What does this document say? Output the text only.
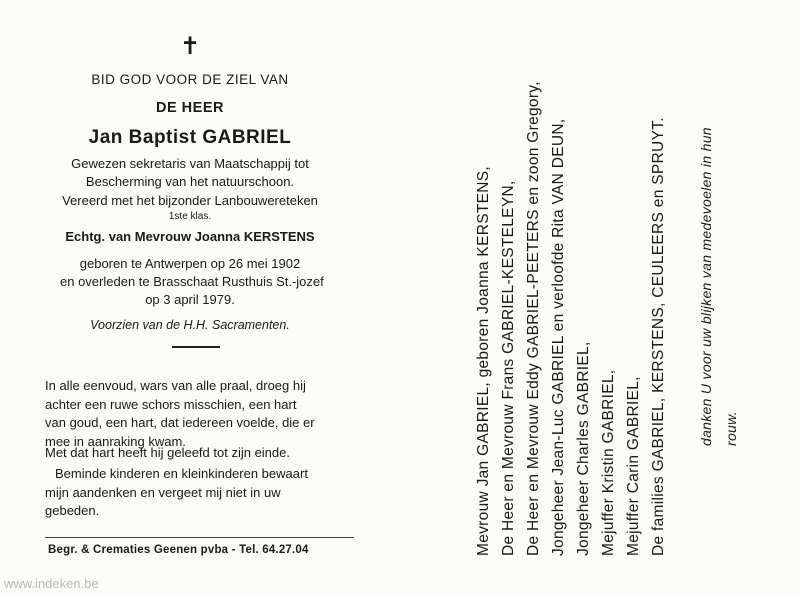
✝
BID GOD VOOR DE ZIEL VAN
DE HEER
Jan Baptist GABRIEL
Gewezen sekretaris van Maatschappij tot
Bescherming van het natuurschoon.
Vereerd met het bijzonder Lanbouwereteken
1ste klas.
Echtg. van Mevrouw Joanna KERSTENS
geboren te Antwerpen op 26 mei 1902
en overleden te Brasschaat Rusthuis St.-jozef
op 3 april 1979.
Voorzien van de H.H. Sacramenten.
In alle eenvoud, wars van alle praal, droeg hij
achter een ruwe schors misschien, een hart
van goud, een hart, dat iedereen voelde, die er
mee in aanraking kwam.
Met dat hart heeft hij geleefd tot zijn einde.
Beminde kinderen en kleinkinderen bewaart
mijn aandenken en vergeet mij niet in uw
gebeden.
Begr. & Crematies Geenen pvba - Tel. 64.27.04
www.indeken.be
Mevrouw Jan GABRIEL, geboren Joanna KERSTENS, De Heer en Mevrouw Frans GABRIEL-KESTELEYN, De Heer en Mevrouw Eddy GABRIEL-PEETERS en zoon Gregory, Jongeheer Jean-Luc GABRIEL en verloofde Rita VAN DEUN, Jongeheer Charles GABRIEL, Mejuffer Kristin GABRIEL, Mejuffer Carin GABRIEL, De families GABRIEL, KERSTENS, CEULEERS en SPRUYT. danken U voor uw blijken van medevoelen in hun rouw.
